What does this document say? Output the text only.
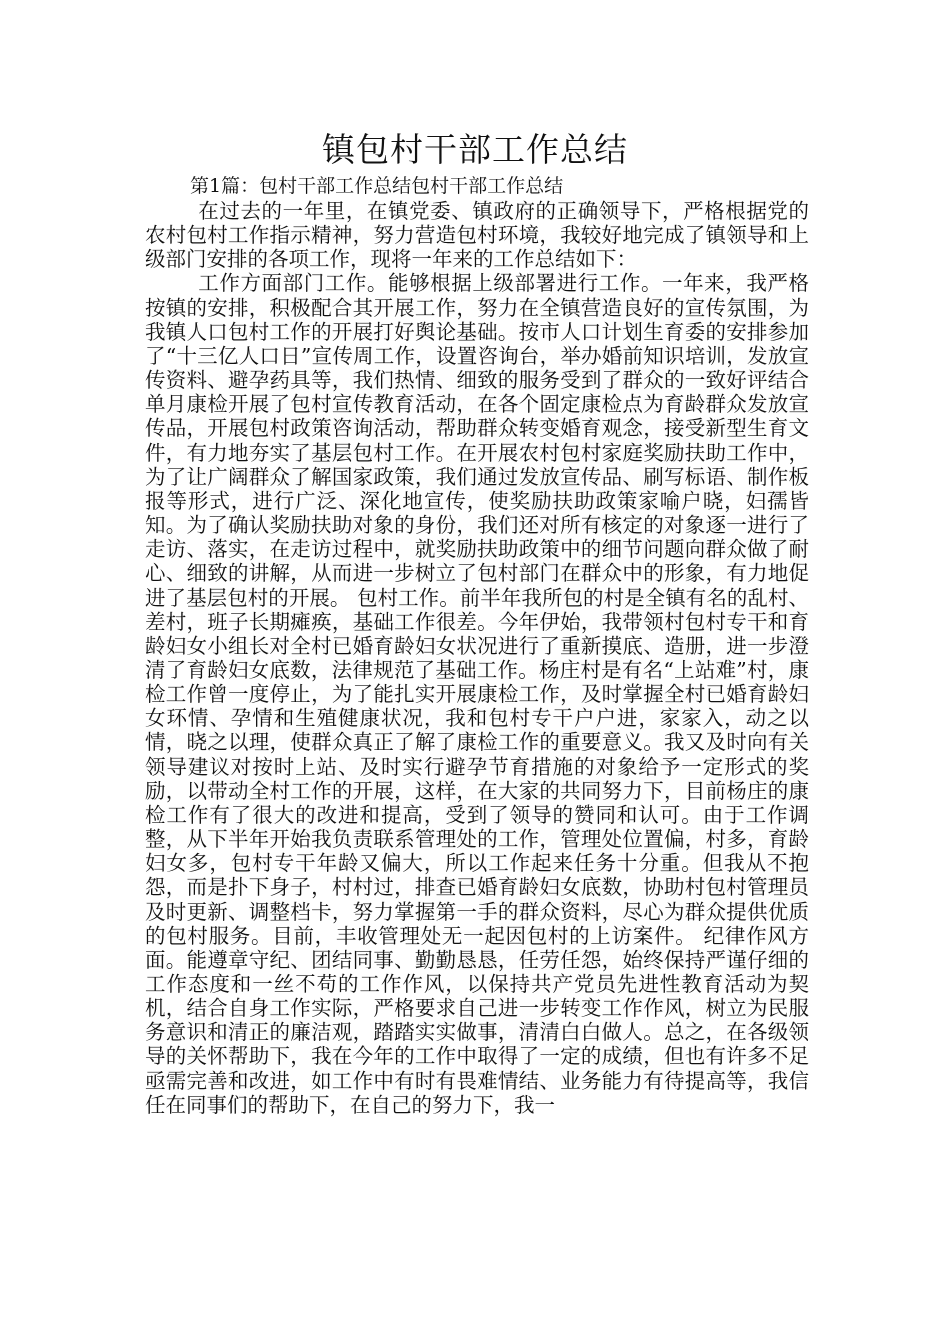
镇包村干部工作总结
第1篇：包村干部工作总结包村干部工作总结

在过去的一年里，在镇党委、镇政府的正确领导下，严格根据党的农村包村工作指示精神，努力营造包村环境，我较好地完成了镇领导和上级部门安排的各项工作，现将一年来的工作总结如下：

工作方面部门工作。能够根据上级部署进行工作。一年来，我严格按镇的安排，积极配合其开展工作，努力在全镇营造良好的宣传氛围，为我镇人口包村工作的开展打好舆论基础。按市人口计划生育委的安排参加了“十三亿人口日”宣传周工作，设置咨询台，举办婚前知识培训，发放宣传资料、避孕药具等，我们热情、细致的服务受到了群众的一致好评结合单月康检开展了包村宣传教育活动，在各个固定康检点为育龄群众发放宣传品，开展包村政策咨询活动，帮助群众转变婚育观念，接受新型生育文件，有力地夯实了基层包村工作。在开展农村包村家庭奖励扶助工作中，为了让广阔群众了解国家政策，我们通过发放宣传品、刷写标语、制作板报等形式，进行广泛、深化地宣传，使奖励扶助政策家喻户晓，妇孺皆知。为了确认奖励扶助对象的身份，我们还对所有核定的对象逐一进行了走访、落实，在走访过程中，就奖励扶助政策中的细节问题向群众做了耐心、细致的讲解，从而进一步树立了包村部门在群众中的形象，有力地促进了基层包村的开展。 包村工作。前半年我所包的村是全镇有名的乱村、差村，班子长期瘫痪，基础工作很差。今年伊始，我带领村包村专干和育龄妇女小组长对全村已婚育龄妇女状况进行了重新摸底、造册，进一步澄清了育龄妇女底数，法律规范了基础工作。杨庄村是有名“上站难”村，康检工作曾一度停止，为了能扎实开展康检工作，及时掌握全村已婚育龄妇女环情、孕情和生殖健康状况，我和包村专干户户进，家家入，动之以情，晓之以理，使群众真正了解了康检工作的重要意义。我又及时向有关领导建议对按时上站、及时实行避孕节育措施的对象给予一定形式的奖励，以带动全村工作的开展，这样，在大家的共同努力下，目前杨庄的康检工作有了很大的改进和提高，受到了领导的赞同和认可。由于工作调整，从下半年开始我负责联系管理处的工作，管理处位置偏，村多，育龄妇女多，包村专干年龄又偏大，所以工作起来任务十分重。但我从不抱怨，而是扑下身子，村村过，排查已婚育龄妇女底数，协助村包村管理员及时更新、调整档卡，努力掌握第一手的群众资料，尽心为群众提供优质的包村服务。目前，丰收管理处无一起因包村的上访案件。 纪律作风方面。能遵章守纪、团结同事、勤勤恳恳，任劳任怨，始终保持严谨仔细的工作态度和一丝不苟的工作作风，以保持共产党员先进性教育活动为契机，结合自身工作实际，严格要求自己进一步转变工作作风，树立为民服务意识和清正的廉洁观，踏踏实实做事，清清白白做人。总之，在各级领导的关怀帮助下，我在今年的工作中取得了一定的成绩，但也有许多不足亟需完善和改进，如工作中有时有畏难情结、业务能力有待提高等，我信任在同事们的帮助下，在自己的努力下，我一
